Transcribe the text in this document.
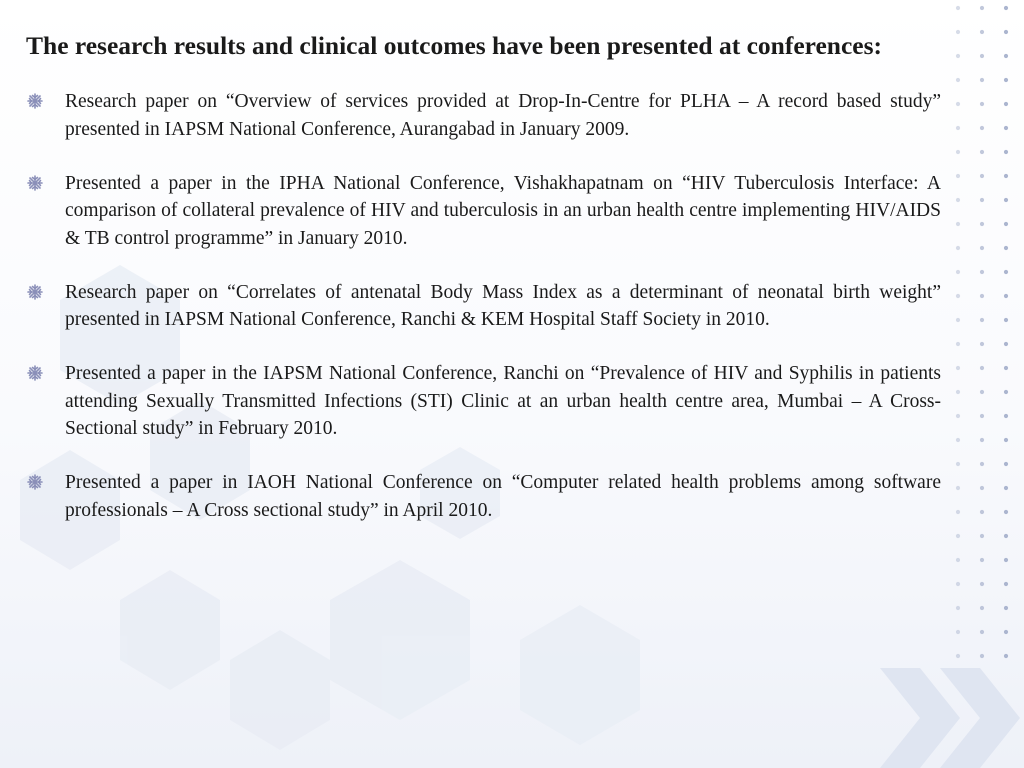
The research results and clinical outcomes have been presented at conferences:
Research paper on “Overview of services provided at Drop-In-Centre for PLHA – A record based study” presented in IAPSM National Conference, Aurangabad in January 2009.
Presented a paper in the IPHA National Conference, Vishakhapatnam on “HIV Tuberculosis Interface: A comparison of collateral prevalence of HIV and tuberculosis in an urban health centre implementing HIV/AIDS & TB control programme” in January 2010.
Research paper on “Correlates of antenatal Body Mass Index as a determinant of neonatal birth weight” presented in IAPSM National Conference, Ranchi & KEM Hospital Staff Society in 2010.
Presented a paper in the IAPSM National Conference, Ranchi on “Prevalence of HIV and Syphilis in patients attending Sexually Transmitted Infections (STI) Clinic at an urban health centre area, Mumbai – A Cross-Sectional study” in February 2010.
Presented a paper in IAOH National Conference on “Computer related health problems among software professionals – A Cross sectional study” in April 2010.
